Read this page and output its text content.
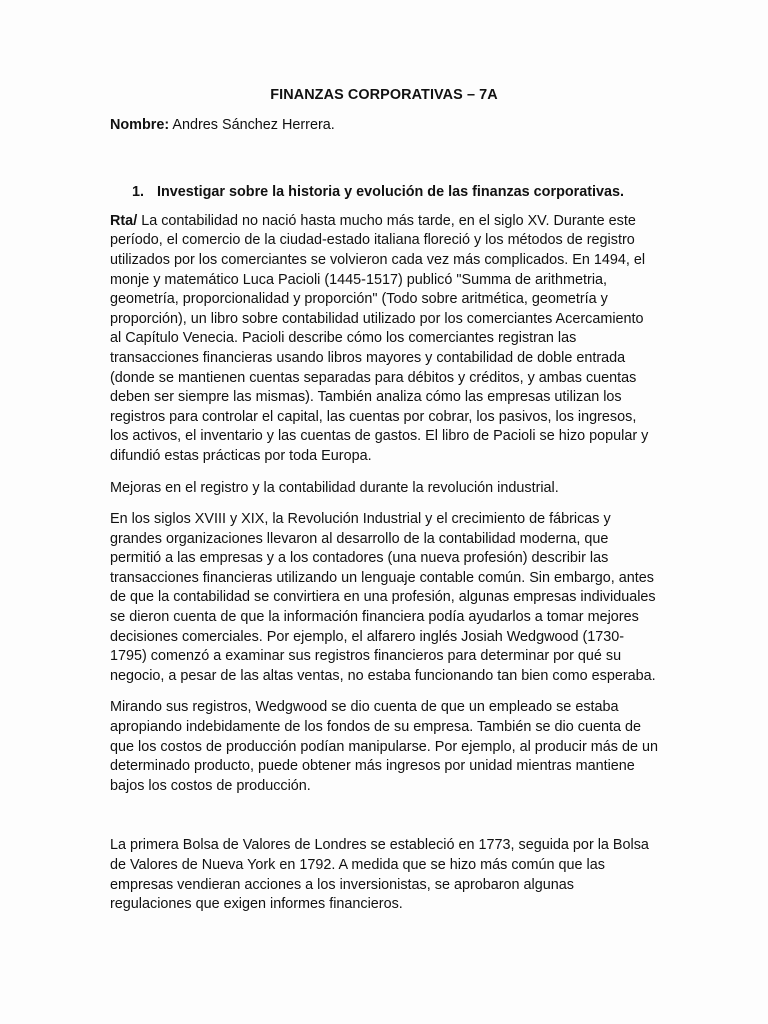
FINANZAS CORPORATIVAS – 7A
Nombre: Andres Sánchez Herrera.
1. Investigar sobre la historia y evolución de las finanzas corporativas.

Rta/ La contabilidad no nació hasta mucho más tarde, en el siglo XV. Durante este período, el comercio de la ciudad-estado italiana floreció y los métodos de registro utilizados por los comerciantes se volvieron cada vez más complicados. En 1494, el monje y matemático Luca Pacioli (1445-1517) publicó "Summa de arithmetria, geometría, proporcionalidad y proporción" (Todo sobre aritmética, geometría y proporción), un libro sobre contabilidad utilizado por los comerciantes Acercamiento al Capítulo Venecia. Pacioli describe cómo los comerciantes registran las transacciones financieras usando libros mayores y contabilidad de doble entrada (donde se mantienen cuentas separadas para débitos y créditos, y ambas cuentas deben ser siempre las mismas). También analiza cómo las empresas utilizan los registros para controlar el capital, las cuentas por cobrar, los pasivos, los ingresos, los activos, el inventario y las cuentas de gastos. El libro de Pacioli se hizo popular y difundió estas prácticas por toda Europa.

Mejoras en el registro y la contabilidad durante la revolución industrial.

En los siglos XVIII y XIX, la Revolución Industrial y el crecimiento de fábricas y grandes organizaciones llevaron al desarrollo de la contabilidad moderna, que permitió a las empresas y a los contadores (una nueva profesión) describir las transacciones financieras utilizando un lenguaje contable común. Sin embargo, antes de que la contabilidad se convirtiera en una profesión, algunas empresas individuales se dieron cuenta de que la información financiera podía ayudarlos a tomar mejores decisiones comerciales. Por ejemplo, el alfarero inglés Josiah Wedgwood (1730-1795) comenzó a examinar sus registros financieros para determinar por qué su negocio, a pesar de las altas ventas, no estaba funcionando tan bien como esperaba.

Mirando sus registros, Wedgwood se dio cuenta de que un empleado se estaba apropiando indebidamente de los fondos de su empresa. También se dio cuenta de que los costos de producción podían manipularse. Por ejemplo, al producir más de un determinado producto, puede obtener más ingresos por unidad mientras mantiene bajos los costos de producción.

La primera Bolsa de Valores de Londres se estableció en 1773, seguida por la Bolsa de Valores de Nueva York en 1792. A medida que se hizo más común que las empresas vendieran acciones a los inversionistas, se aprobaron algunas regulaciones que exigen informes financieros.
